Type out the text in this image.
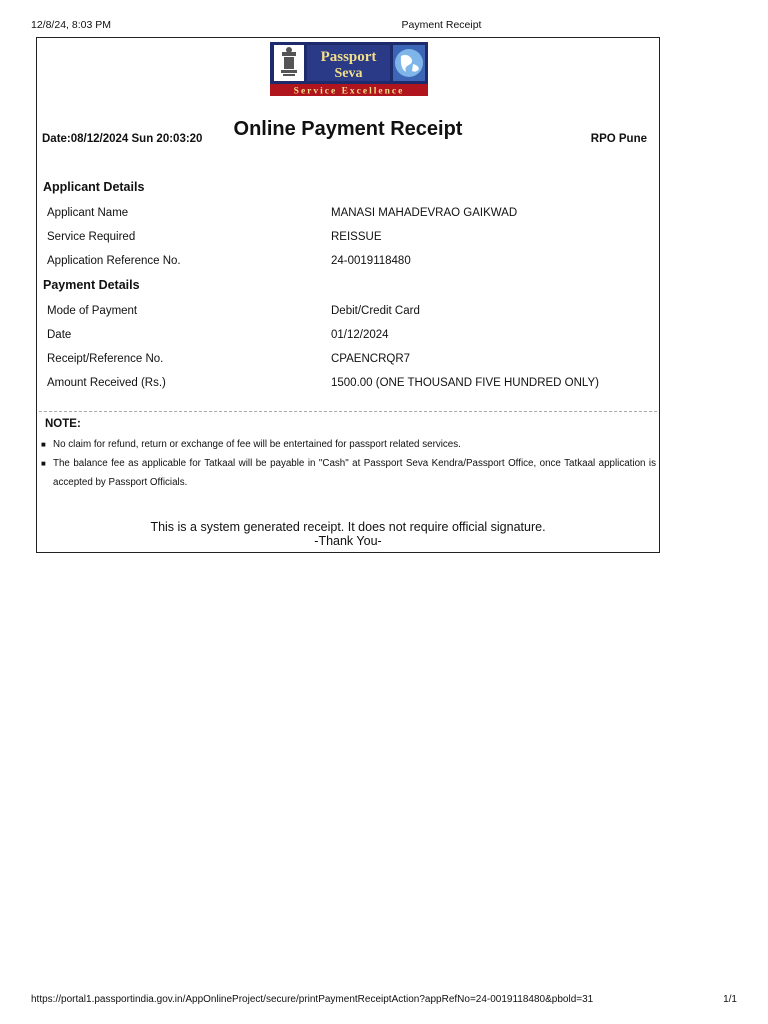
12/8/24, 8:03 PM	Payment Receipt
Passport
Seva
Service Excellence
Date:08/12/2024 Sun 20:03:20	Online Payment Receipt	RPO Pune
Applicant Details
Applicant Name	MANASI MAHADEVRAO GAIKWAD
Service Required	REISSUE
Application Reference No.	24-0019118480
Payment Details
Mode of Payment	Debit/Credit Card
Date	01/12/2024
Receipt/Reference No.	CPAENCRQR7
Amount Received (Rs.)	1500.00 (ONE THOUSAND FIVE HUNDRED ONLY)
NOTE:
■ No claim for refund, return or exchange of fee will be entertained for passport related services.
■ The balance fee as applicable for Tatkaal will be payable in "Cash" at Passport Seva Kendra/Passport Office, once Tatkaal application is accepted by Passport Officials.
This is a system generated receipt. It does not require official signature.
-Thank You-
https://portal1.passportindia.gov.in/AppOnlineProject/secure/printPaymentReceiptAction?appRefNo=24-0019118480&pbold=31	1/1
